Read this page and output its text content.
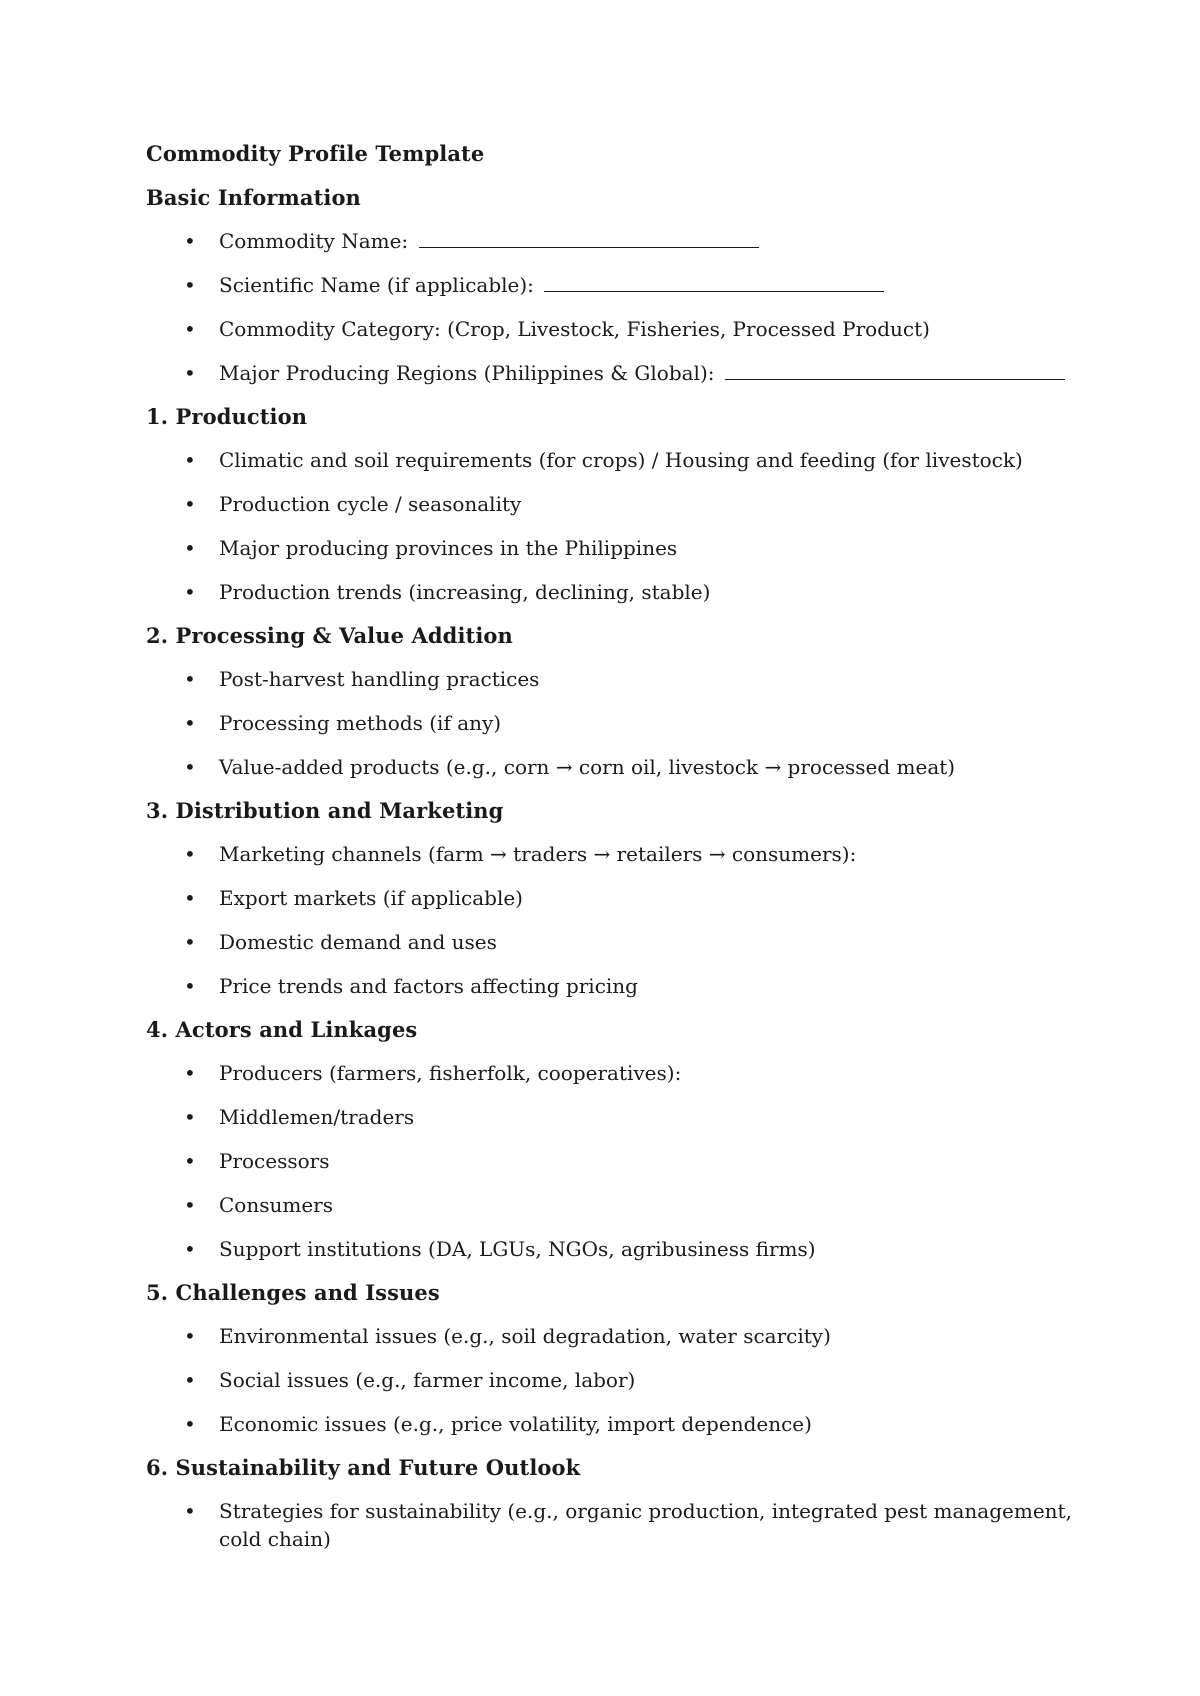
Commodity Profile Template
Basic Information
• Commodity Name:
• Scientific Name (if applicable):
• Commodity Category: (Crop, Livestock, Fisheries, Processed Product)
• Major Producing Regions (Philippines & Global):
1. Production
• Climatic and soil requirements (for crops) / Housing and feeding (for livestock)
• Production cycle / seasonality
• Major producing provinces in the Philippines
• Production trends (increasing, declining, stable)
2. Processing & Value Addition
• Post-harvest handling practices
• Processing methods (if any)
• Value-added products (e.g., corn → corn oil, livestock → processed meat)
3. Distribution and Marketing
• Marketing channels (farm → traders → retailers → consumers):
• Export markets (if applicable)
• Domestic demand and uses
• Price trends and factors affecting pricing
4. Actors and Linkages
• Producers (farmers, fisherfolk, cooperatives):
• Middlemen/traders
• Processors
• Consumers
• Support institutions (DA, LGUs, NGOs, agribusiness firms)
5. Challenges and Issues
• Environmental issues (e.g., soil degradation, water scarcity)
• Social issues (e.g., farmer income, labor)
• Economic issues (e.g., price volatility, import dependence)
6. Sustainability and Future Outlook
• Strategies for sustainability (e.g., organic production, integrated pest management, cold chain)
